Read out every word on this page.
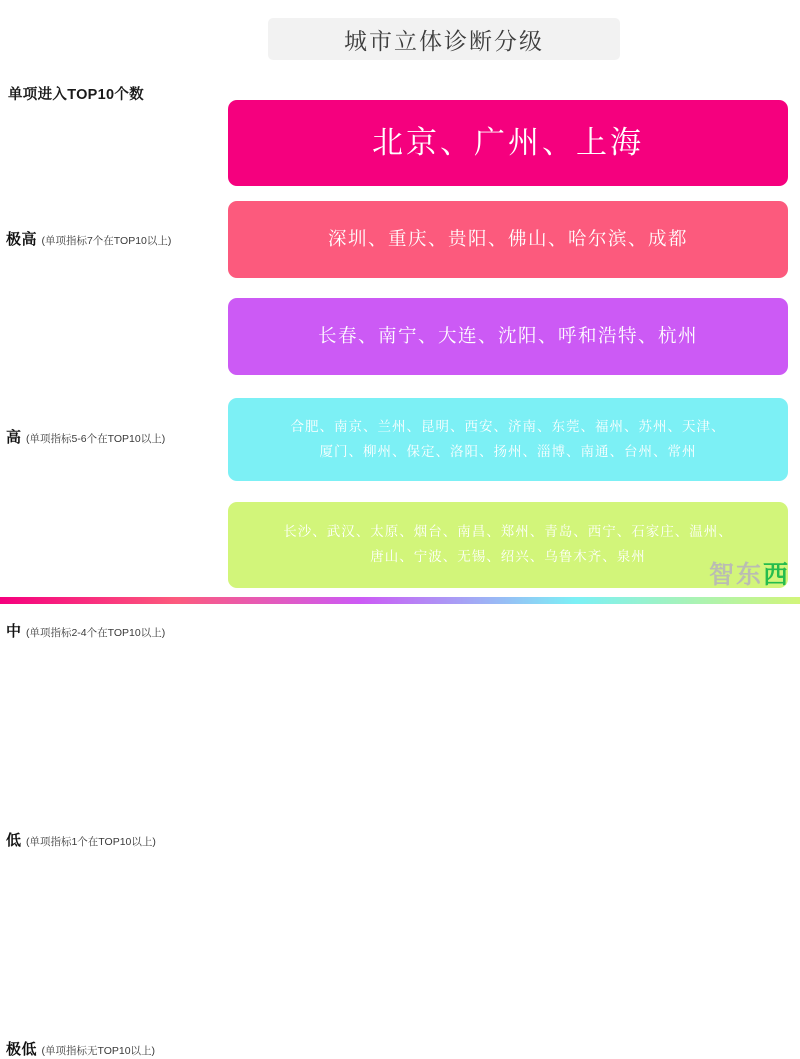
城市立体诊断分级
单项进入TOP10个数
极高 (单项指标7个在TOP10以上)
北京、广州、上海
高 (单项指标5-6个在TOP10以上)
深圳、重庆、贵阳、佛山、哈尔滨、成都
中 (单项指标2-4个在TOP10以上)
长春、南宁、大连、沈阳、呼和浩特、杭州
低 (单项指标1个在TOP10以上)
合肥、南京、兰州、昆明、西安、济南、东莞、福州、苏州、天津、
厦门、柳州、保定、洛阳、扬州、淄博、南通、台州、常州
极低 (单项指标无TOP10以上)
长沙、武汉、太原、烟台、南昌、郑州、青岛、西宁、石家庄、温州、
唐山、宁波、无锡、绍兴、乌鲁木齐、泉州
智 东 西
